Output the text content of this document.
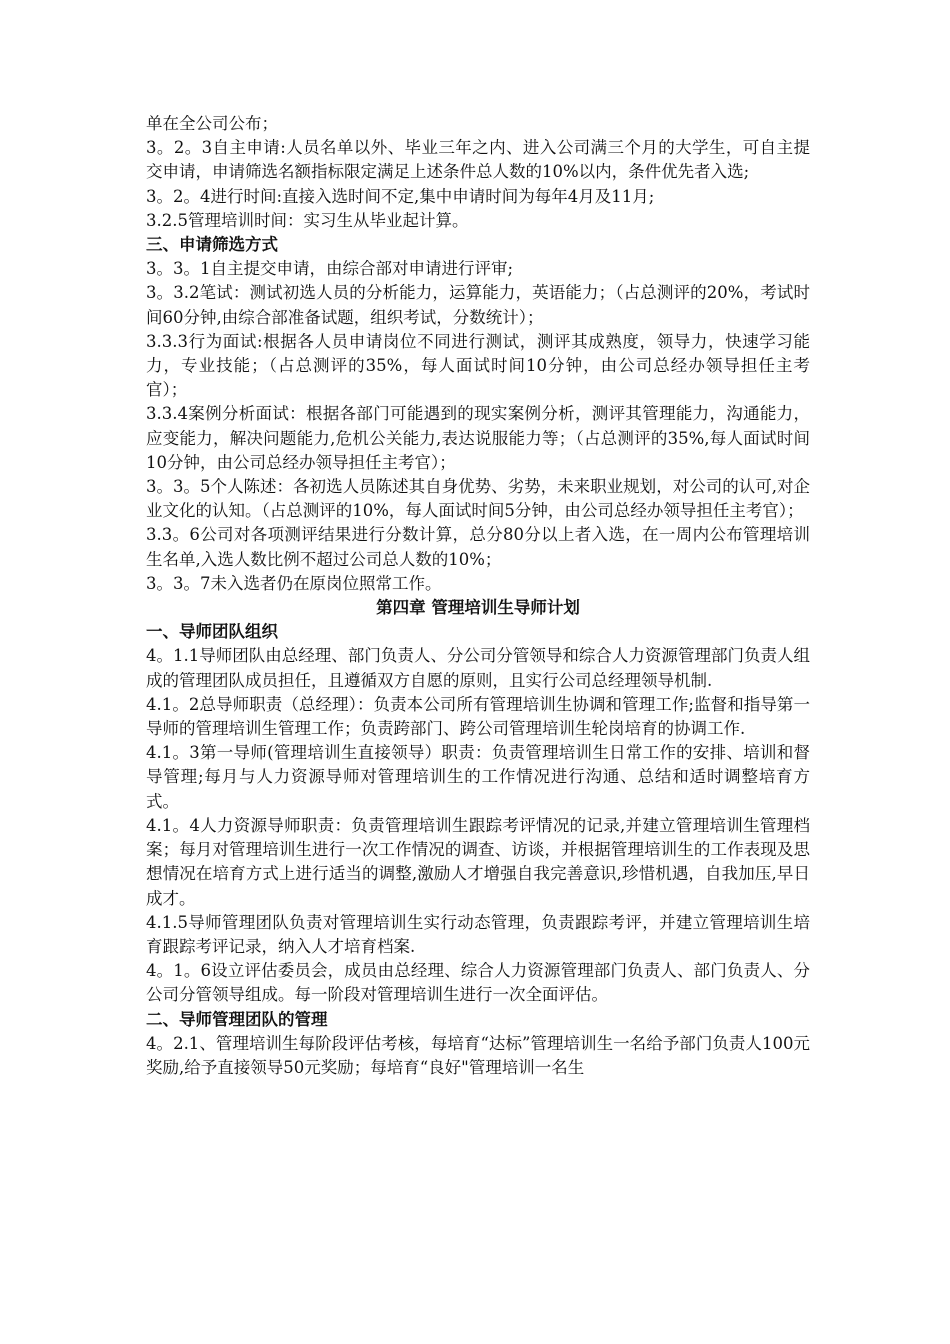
单在全公司公布；

3。2。3自主申请:人员名单以外、毕业三年之内、进入公司满三个月的大学生，可自主提交申请，申请筛选名额指标限定满足上述条件总人数的10%以内，条件优先者入选;

3。2。4进行时间:直接入选时间不定,集中申请时间为每年4月及11月;

3.2.5管理培训时间：实习生从毕业起计算。

三、申请筛选方式

3。3。1自主提交申请，由综合部对申请进行评审;

3。3.2笔试：测试初选人员的分析能力，运算能力，英语能力；（占总测评的20%，考试时间60分钟,由综合部准备试题，组织考试，分数统计）；

3.3.3行为面试:根据各人员申请岗位不同进行测试，测评其成熟度，领导力，快速学习能力，专业技能；（占总测评的35%，每人面试时间10分钟，由公司总经办领导担任主考官）；

3.3.4案例分析面试：根据各部门可能遇到的现实案例分析，测评其管理能力，沟通能力，应变能力，解决问题能力,危机公关能力,表达说服能力等；（占总测评的35%,每人面试时间10分钟，由公司总经办领导担任主考官）；

3。3。5个人陈述：各初选人员陈述其自身优势、劣势，未来职业规划，对公司的认可,对企业文化的认知。（占总测评的10%，每人面试时间5分钟，由公司总经办领导担任主考官）；

3.3。6公司对各项测评结果进行分数计算，总分80分以上者入选，在一周内公布管理培训生名单,入选人数比例不超过公司总人数的10%；

3。3。7未入选者仍在原岗位照常工作。

第四章 管理培训生导师计划

一、导师团队组织

4。1.1导师团队由总经理、部门负责人、分公司分管领导和综合人力资源管理部门负责人组成的管理团队成员担任，且遵循双方自愿的原则，且实行公司总经理领导机制.

4.1。2总导师职责（总经理）：负责本公司所有管理培训生协调和管理工作;监督和指导第一导师的管理培训生管理工作；负责跨部门、跨公司管理培训生轮岗培育的协调工作.

4.1。3第一导师(管理培训生直接领导）职责：负责管理培训生日常工作的安排、培训和督导管理;每月与人力资源导师对管理培训生的工作情况进行沟通、总结和适时调整培育方式。

4.1。4人力资源导师职责：负责管理培训生跟踪考评情况的记录,并建立管理培训生管理档案；每月对管理培训生进行一次工作情况的调查、访谈，并根据管理培训生的工作表现及思想情况在培育方式上进行适当的调整,激励人才增强自我完善意识,珍惜机遇，自我加压,早日成才。

4.1.5导师管理团队负责对管理培训生实行动态管理，负责跟踪考评，并建立管理培训生培育跟踪考评记录，纳入人才培育档案.

4。1。6设立评估委员会，成员由总经理、综合人力资源管理部门负责人、部门负责人、分公司分管领导组成。每一阶段对管理培训生进行一次全面评估。

二、导师管理团队的管理

4。2.1、管理培训生每阶段评估考核，每培育“达标”管理培训生一名给予部门负责人100元奖励,给予直接领导50元奖励；每培育“良好"管理培训一名生
